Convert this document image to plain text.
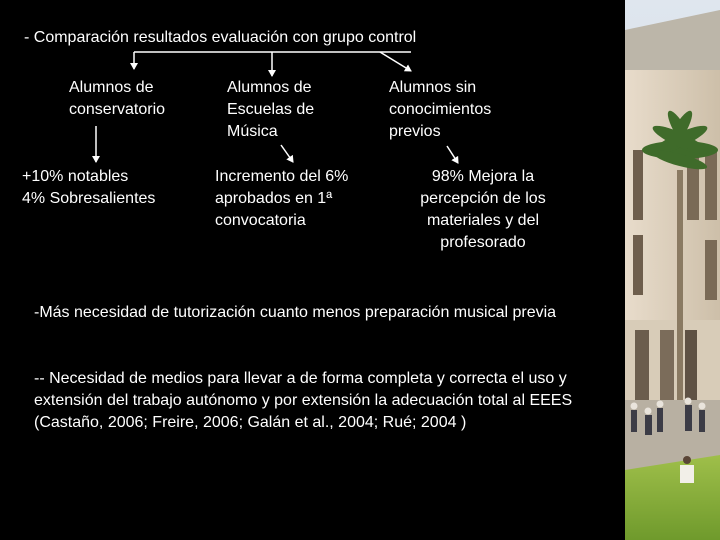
- Comparación resultados evaluación con grupo control
Alumnos de
conservatorio
Alumnos de
Escuelas de
Música
Alumnos sin
conocimientos
previos
+10% notables
4% Sobresalientes
Incremento del 6%
aprobados en 1ª
convocatoria
98% Mejora la
percepción de los
materiales y del
profesorado
-Más necesidad de tutorización cuanto menos preparación musical previa
-- Necesidad de medios para llevar a de forma completa y correcta el uso y extensión del trabajo autónomo y por extensión la adecuación total al EEES (Castaño, 2006; Freire, 2006; Galán et al., 2004; Rué; 2004 )
